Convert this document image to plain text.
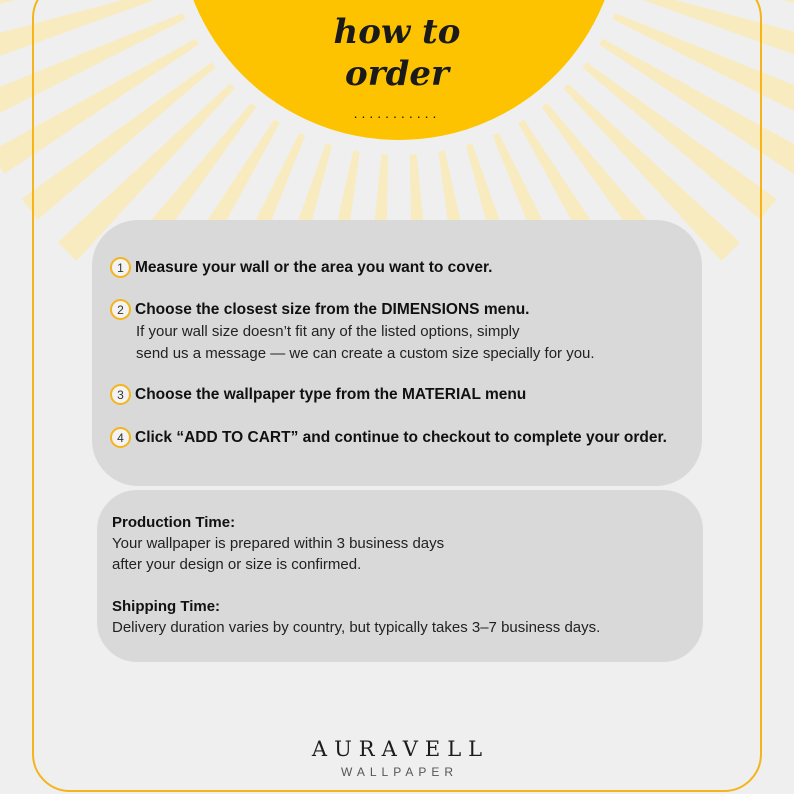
how to
order
...........
1 Measure your wall or the area you want to cover.
2 Choose the closest size from the DIMENSIONS menu.
If your wall size doesn’t fit any of the listed options, simply
send us a message — we can create a custom size specially for you.
3 Choose the wallpaper type from the MATERIAL menu
4 Click “ADD TO CART” and continue to checkout to complete your order.
Production Time:
Your wallpaper is prepared within 3 business days
after your design or size is confirmed.
Shipping Time:
Delivery duration varies by country, but typically takes 3–7 business days.
AURAVELL
WALLPAPER
